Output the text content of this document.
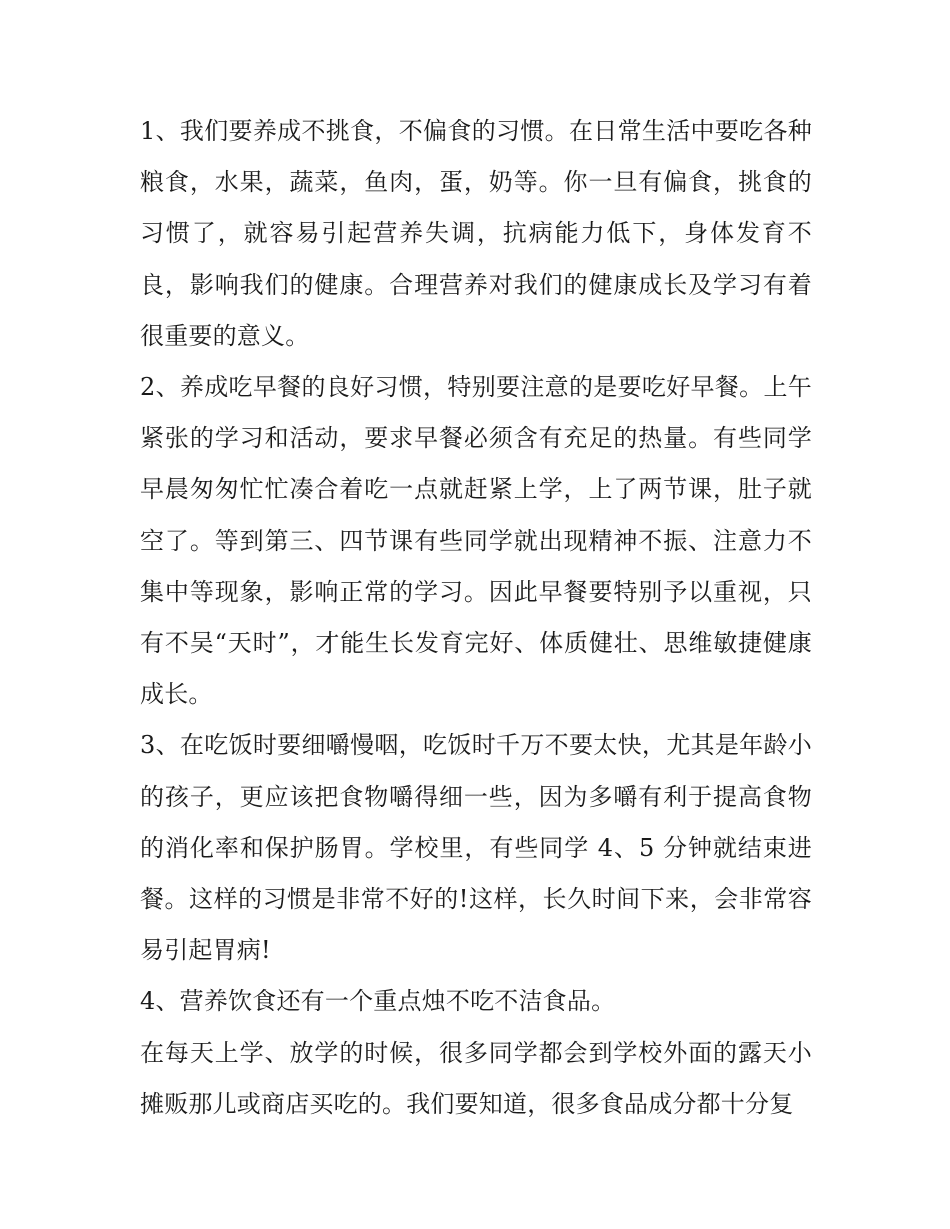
1、我们要养成不挑食，不偏食的习惯。在日常生活中要吃各种粮食，水果，蔬菜，鱼肉，蛋，奶等。你一旦有偏食，挑食的习惯了，就容易引起营养失调，抗病能力低下，身体发育不良，影响我们的健康。合理营养对我们的健康成长及学习有着很重要的意义。

2、养成吃早餐的良好习惯，特别要注意的是要吃好早餐。上午紧张的学习和活动，要求早餐必须含有充足的热量。有些同学早晨匆匆忙忙凑合着吃一点就赶紧上学，上了两节课，肚子就空了。等到第三、四节课有些同学就出现精神不振、注意力不集中等现象，影响正常的学习。因此早餐要特别予以重视，只有不吴“天时”，才能生长发育完好、体质健壮、思维敏捷健康成长。

3、在吃饭时要细嚼慢咽，吃饭时千万不要太快，尤其是年龄小的孩子，更应该把食物嚼得细一些，因为多嚼有利于提高食物的消化率和保护肠胃。学校里，有些同学 4、5 分钟就结束进餐。这样的习惯是非常不好的!这样，长久时间下来，会非常容易引起胃病!

4、营养饮食还有一个重点烛不吃不洁食品。

在每天上学、放学的时候，很多同学都会到学校外面的露天小摊贩那儿或商店买吃的。我们要知道，很多食品成分都十分复
